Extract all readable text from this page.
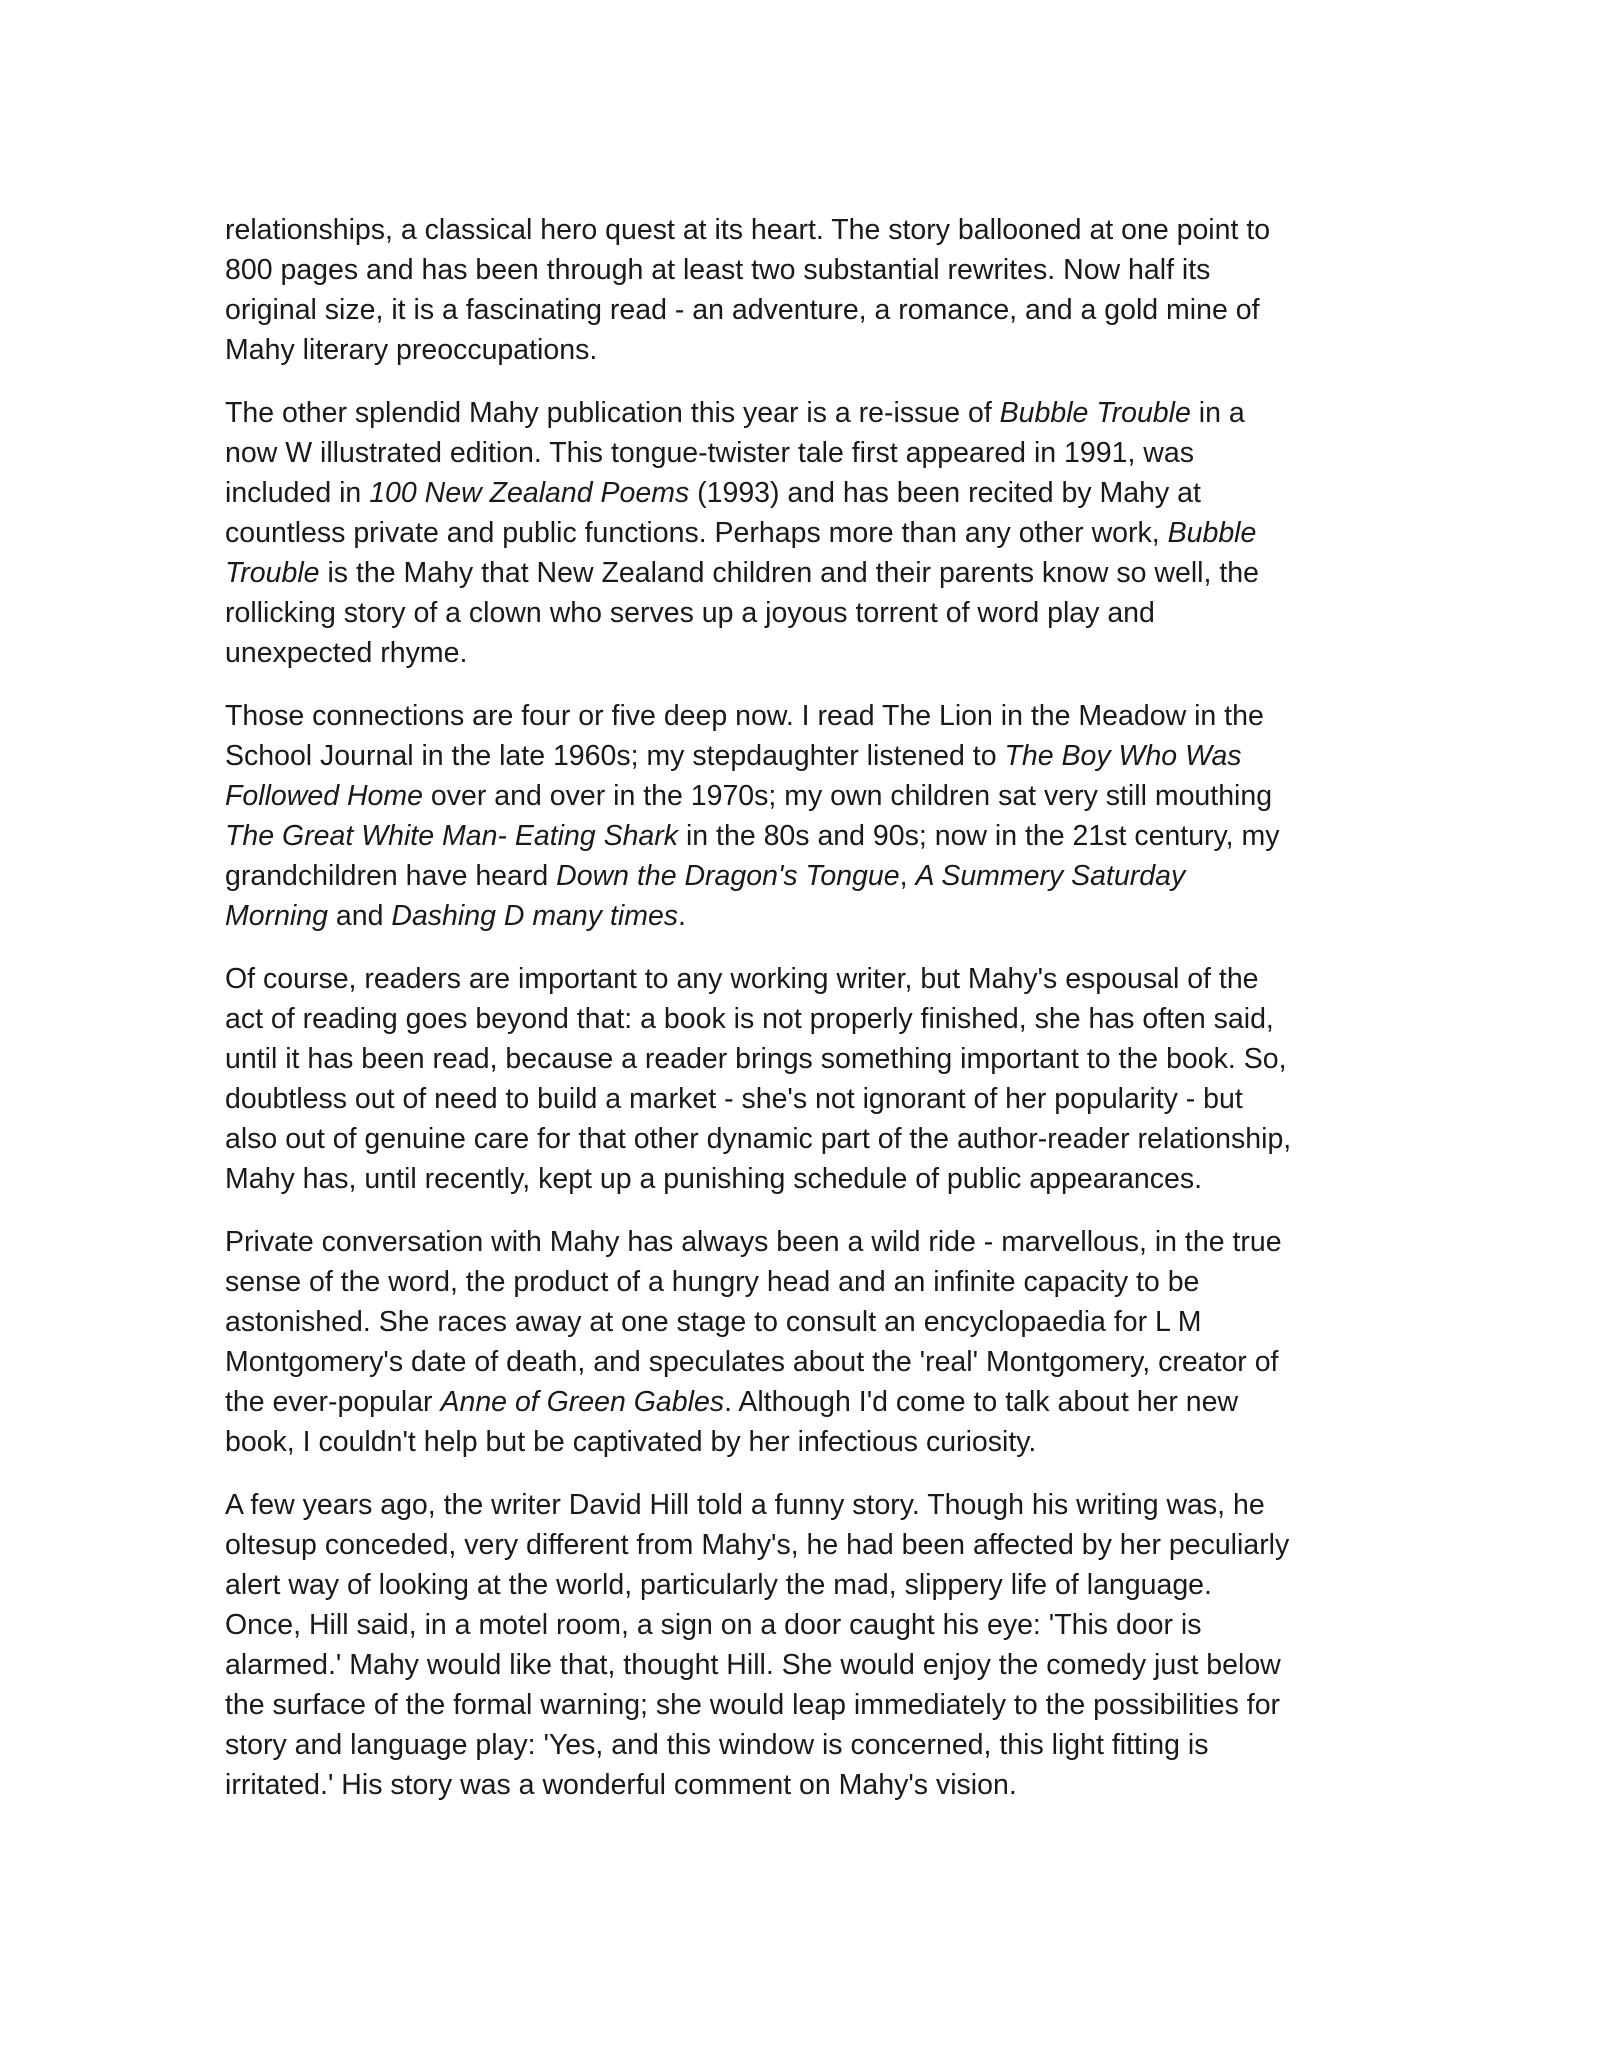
relationships, a classical hero quest at its heart. The story ballooned at one point to
800 pages and has been through at least two substantial rewrites. Now half its
original size, it is a fascinating read - an adventure, a romance, and a gold mine of
Mahy literary preoccupations.

The other splendid Mahy publication this year is a re-issue of Bubble Trouble in a
now W illustrated edition. This tongue-twister tale first appeared in 1991, was
included in 100 New Zealand Poems (1993) and has been recited by Mahy at
countless private and public functions. Perhaps more than any other work, Bubble
Trouble is the Mahy that New Zealand children and their parents know so well, the
rollicking story of a clown who serves up a joyous torrent of word play and
unexpected rhyme.

Those connections are four or five deep now. I read The Lion in the Meadow in the
School Journal in the late 1960s; my stepdaughter listened to The Boy Who Was
Followed Home over and over in the 1970s; my own children sat very still mouthing
The Great White Man- Eating Shark in the 80s and 90s; now in the 21st century, my
grandchildren have heard Down the Dragon's Tongue, A Summery Saturday
Morning and Dashing D many times.

Of course, readers are important to any working writer, but Mahy's espousal of the
act of reading goes beyond that: a book is not properly finished, she has often said,
until it has been read, because a reader brings something important to the book. So,
doubtless out of need to build a market - she's not ignorant of her popularity - but
also out of genuine care for that other dynamic part of the author-reader relationship,
Mahy has, until recently, kept up a punishing schedule of public appearances.

Private conversation with Mahy has always been a wild ride - marvellous, in the true
sense of the word, the product of a hungry head and an infinite capacity to be
astonished. She races away at one stage to consult an encyclopaedia for L M
Montgomery's date of death, and speculates about the 'real' Montgomery, creator of
the ever-popular Anne of Green Gables. Although I'd come to talk about her new
book, I couldn't help but be captivated by her infectious curiosity.

A few years ago, the writer David Hill told a funny story. Though his writing was, he
oltesup conceded, very different from Mahy's, he had been affected by her peculiarly
alert way of looking at the world, particularly the mad, slippery life of language.
Once, Hill said, in a motel room, a sign on a door caught his eye: 'This door is
alarmed.' Mahy would like that, thought Hill. She would enjoy the comedy just below
the surface of the formal warning; she would leap immediately to the possibilities for
story and language play: 'Yes, and this window is concerned, this light fitting is
irritated.' His story was a wonderful comment on Mahy's vision.
